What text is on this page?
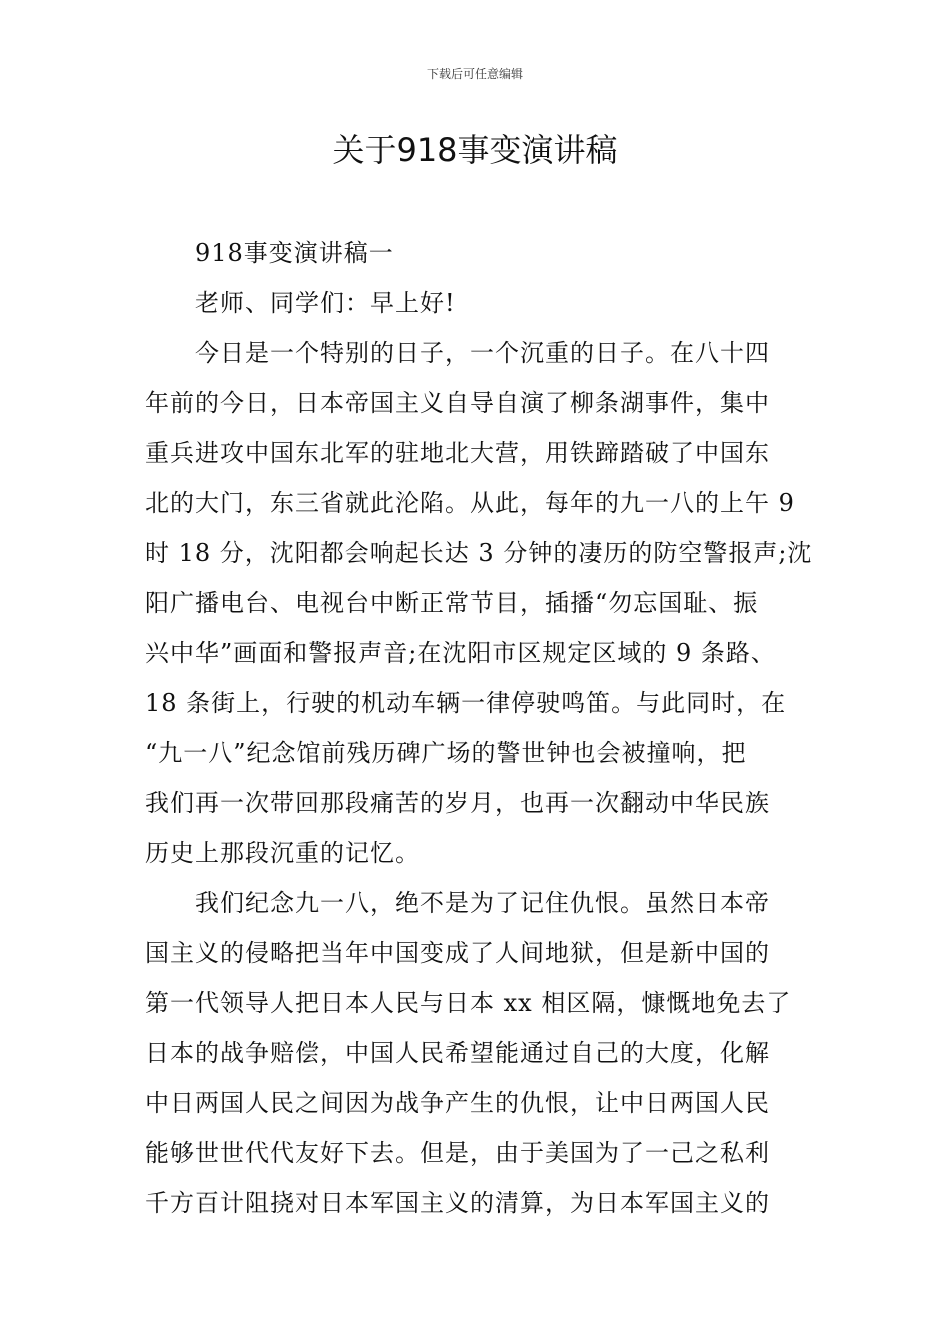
下载后可任意编辑
关于918事变演讲稿

918事变演讲稿一

老师、同学们：早上好!

今日是一个特别的日子，一个沉重的日子。在八十四
年前的今日，日本帝国主义自导自演了柳条湖事件，集中
重兵进攻中国东北军的驻地北大营，用铁蹄踏破了中国东
北的大门，东三省就此沦陷。从此，每年的九一八的上午 9
时 18 分，沈阳都会响起长达 3 分钟的凄历的防空警报声;沈
阳广播电台、电视台中断正常节目，插播“勿忘国耻、振
兴中华”画面和警报声音;在沈阳市区规定区域的 9 条路、
18 条街上，行驶的机动车辆一律停驶鸣笛。与此同时，在
“九一八”纪念馆前残历碑广场的警世钟也会被撞响，把
我们再一次带回那段痛苦的岁月，也再一次翻动中华民族
历史上那段沉重的记忆。

我们纪念九一八，绝不是为了记住仇恨。虽然日本帝
国主义的侵略把当年中国变成了人间地狱，但是新中国的
第一代领导人把日本人民与日本 xx 相区隔，慷慨地免去了
日本的战争赔偿，中国人民希望能通过自己的大度，化解
中日两国人民之间因为战争产生的仇恨，让中日两国人民
能够世世代代友好下去。但是，由于美国为了一己之私利
千方百计阻挠对日本军国主义的清算，为日本军国主义的
